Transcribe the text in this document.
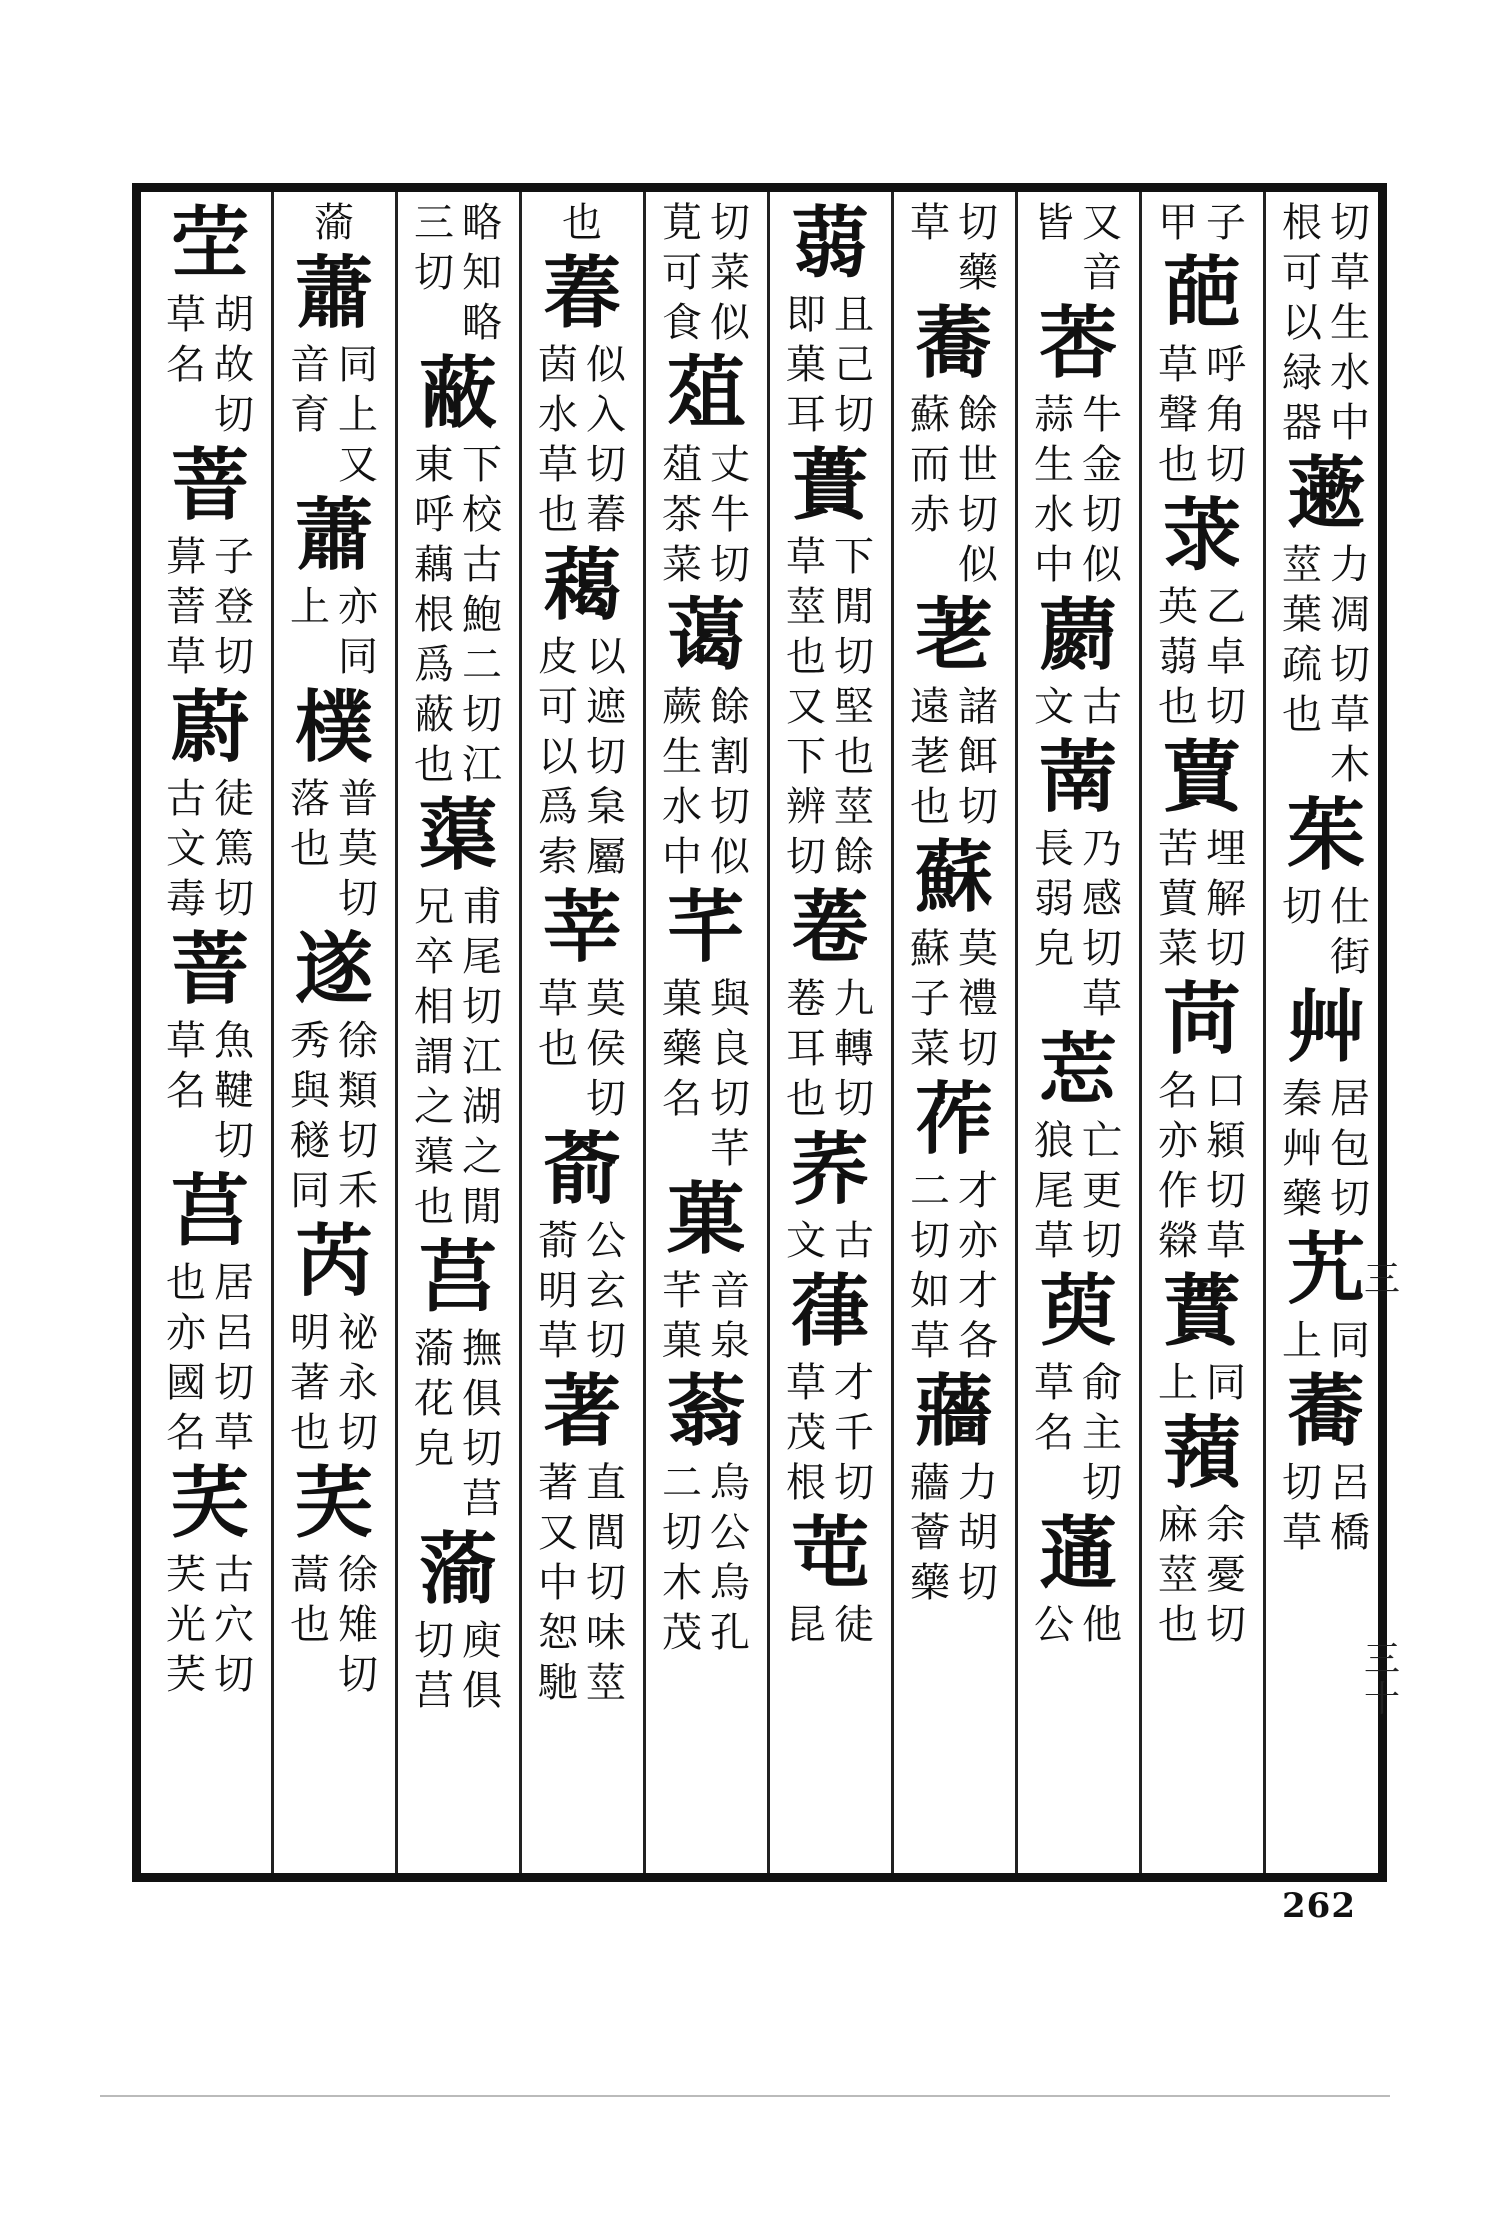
切草生水中
根可以緑器
藗
力凋切草木
莖葉疏也
茱
仕街
切
艸
居包切
秦艸藥
艽
同
上
蕎
呂橋
切草
子
甲
葩
呼角切
草聲也
莍
乙卓切
英蒻也
蕒
埋解切
苦蕒菜
苘
口潁切草
名亦作檾
蕡
同
上
蕷
余憂切
麻莖也
又音
皆
莕
牛金切似
蒜生水中
蘮
古
文
萳
乃感切草
長弱皃
莣
亡更切
狼尾草
萸
俞主切
草名
蓪
他
公
切藥
草
蕎
餘世切似
蘇而赤
荖
諸餌切
遠荖也
蘇
莫禮切
蘇子菜
莋
才亦才各
二切如草
蘠
力胡切
蘠薈藥
蒻
且己切
即菓耳
蕢
下閒切堅也莖餘
草莖也又下辨切
菤
九轉切
菤耳也
荞
古
文
葎
才千切
草茂根
芚
徒
昆
切菜似
莧可食
葅
丈牛切
葅茶菜
蔼
餘割切似
蕨生水中
芊
與良切芊
菓藥名
菓
音泉
芊菓
蓊
烏公烏孔
二切木茂
也
萶
似入切萶
茵水草也
藒
以遮切枲屬
皮可以爲索
莘
莫侯切
草也
萮
公玄切
萮明草
著
直閭切味莖
著又中恕馳
略知略
三切
蔽
下校古鮑二切江
東呼藕根爲蔽也
蕖
甫尾切江湖之閒
兄卒相謂之蕖也
莒
撫俱切莒
蕍花皃
蕍
庾俱
切莒
蕍
蕭
同上又
音育
蕭
亦同
上
樸
普莫切
落也
遂
徐類切禾
秀與穟同
芮
祕永切
明著也
芺
徐雉切
蒿也
茔
胡故切
草名
萻
子登切
萛萻草
蔚
徒篤切
古文毒
萻
魚鞬切
草名
莒
居呂切草
也亦國名
芺
古穴切
芺光芺	三十
三
262
